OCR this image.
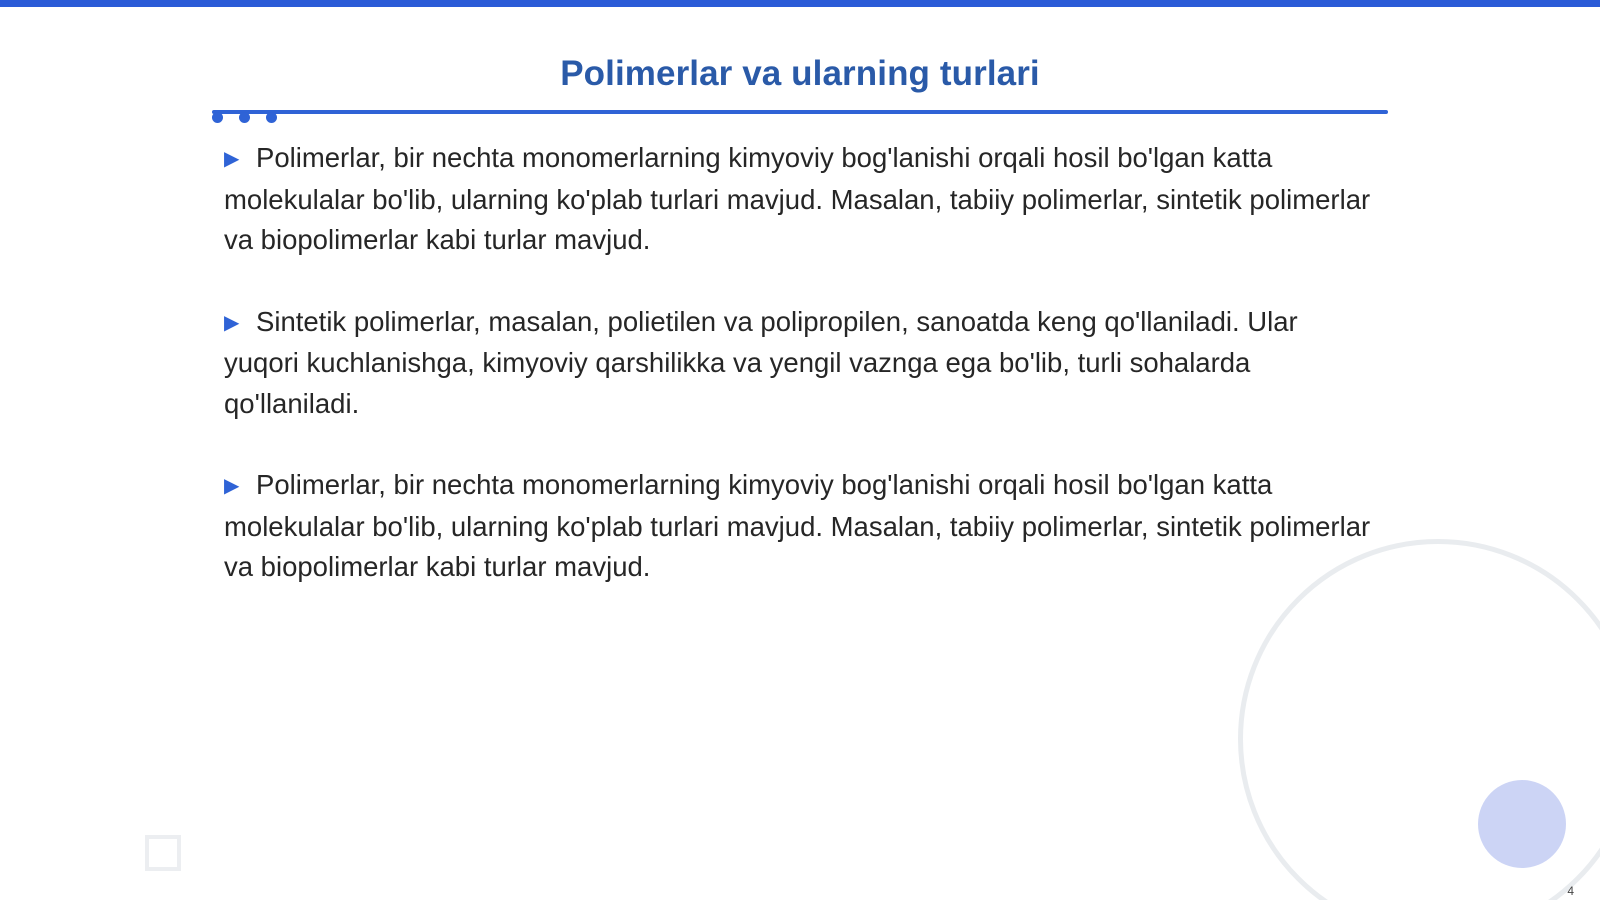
Polimerlar va ularning turlari

▶ Polimerlar, bir nechta monomerlarning kimyoviy bog'lanishi orqali hosil bo'lgan katta molekulalar bo'lib, ularning ko'plab turlari mavjud. Masalan, tabiiy polimerlar, sintetik polimerlar va biopolimerlar kabi turlar mavjud.

▶ Sintetik polimerlar, masalan, polietilen va polipropilen, sanoatda keng qo'llaniladi. Ular yuqori kuchlanishga, kimyoviy qarshilikka va yengil vaznga ega bo'lib, turli sohalarda qo'llaniladi.

▶ Polimerlar, bir nechta monomerlarning kimyoviy bog'lanishi orqali hosil bo'lgan katta molekulalar bo'lib, ularning ko'plab turlari mavjud. Masalan, tabiiy polimerlar, sintetik polimerlar va biopolimerlar kabi turlar mavjud.

4
